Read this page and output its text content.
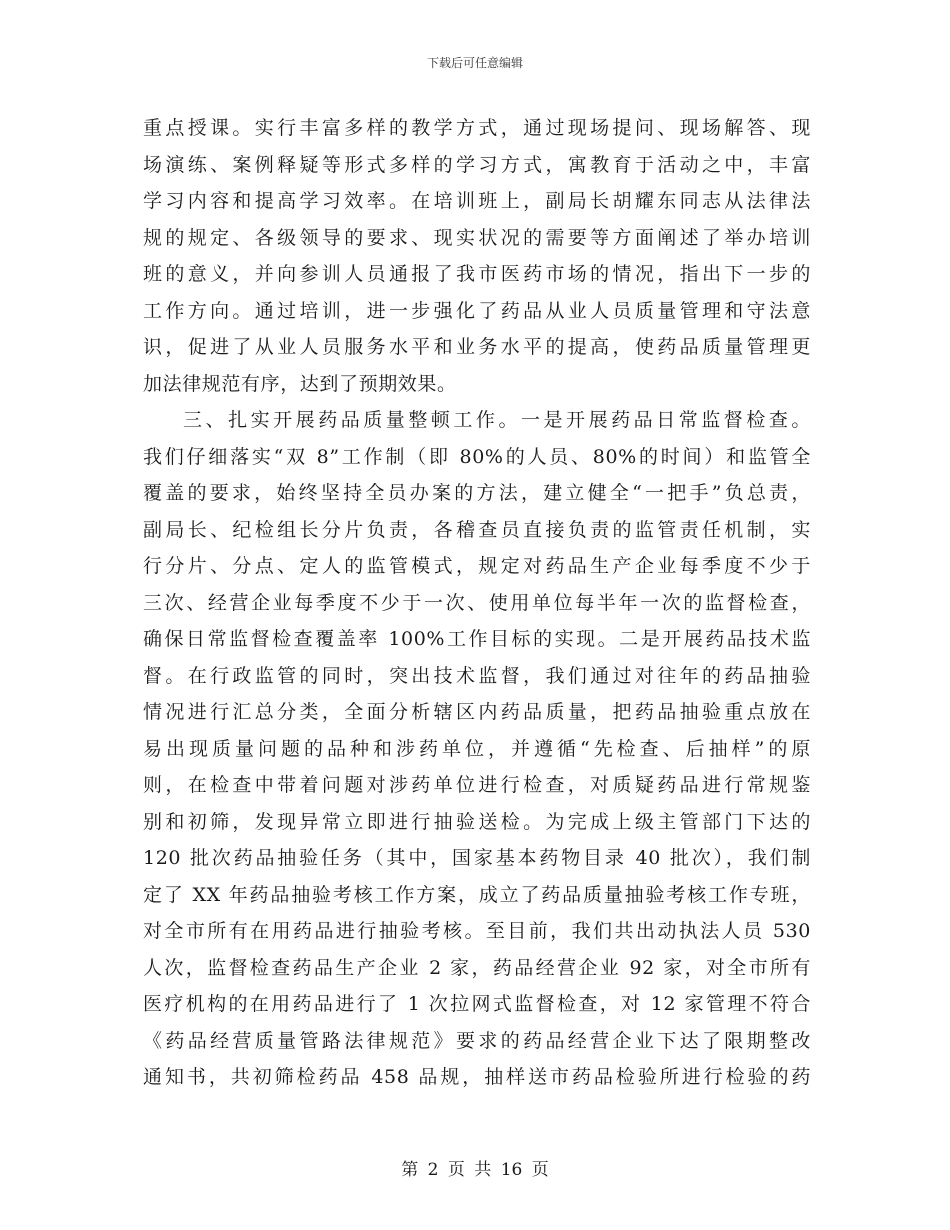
下载后可任意编辑
重点授课。实行丰富多样的教学方式，通过现场提问、现场解答、现
场演练、案例释疑等形式多样的学习方式，寓教育于活动之中，丰富
学习内容和提高学习效率。在培训班上，副局长胡耀东同志从法律法
规的规定、各级领导的要求、现实状况的需要等方面阐述了举办培训
班的意义，并向参训人员通报了我市医药市场的情况，指出下一步的
工作方向。通过培训，进一步强化了药品从业人员质量管理和守法意
识，促进了从业人员服务水平和业务水平的提高，使药品质量管理更
加法律规范有序，达到了预期效果。
三、扎实开展药品质量整顿工作。一是开展药品日常监督检查。
我们仔细落实“双 8”工作制（即 80%的人员、80%的时间）和监管全
覆盖的要求，始终坚持全员办案的方法，建立健全“一把手”负总责，
副局长、纪检组长分片负责，各稽查员直接负责的监管责任机制，实
行分片、分点、定人的监管模式，规定对药品生产企业每季度不少于
三次、经营企业每季度不少于一次、使用单位每半年一次的监督检查，
确保日常监督检查覆盖率 100%工作目标的实现。二是开展药品技术监
督。在行政监管的同时，突出技术监督，我们通过对往年的药品抽验
情况进行汇总分类，全面分析辖区内药品质量，把药品抽验重点放在
易出现质量问题的品种和涉药单位，并遵循“先检查、后抽样”的原
则，在检查中带着问题对涉药单位进行检查，对质疑药品进行常规鉴
别和初筛，发现异常立即进行抽验送检。为完成上级主管部门下达的
120 批次药品抽验任务（其中，国家基本药物目录 40 批次），我们制
定了 XX 年药品抽验考核工作方案，成立了药品质量抽验考核工作专班，
对全市所有在用药品进行抽验考核。至目前，我们共出动执法人员 530
人次，监督检查药品生产企业 2 家，药品经营企业 92 家，对全市所有
医疗机构的在用药品进行了 1 次拉网式监督检查，对 12 家管理不符合
《药品经营质量管路法律规范》要求的药品经营企业下达了限期整改
通知书，共初筛检药品 458 品规，抽样送市药品检验所进行检验的药
第 2 页 共 16 页
